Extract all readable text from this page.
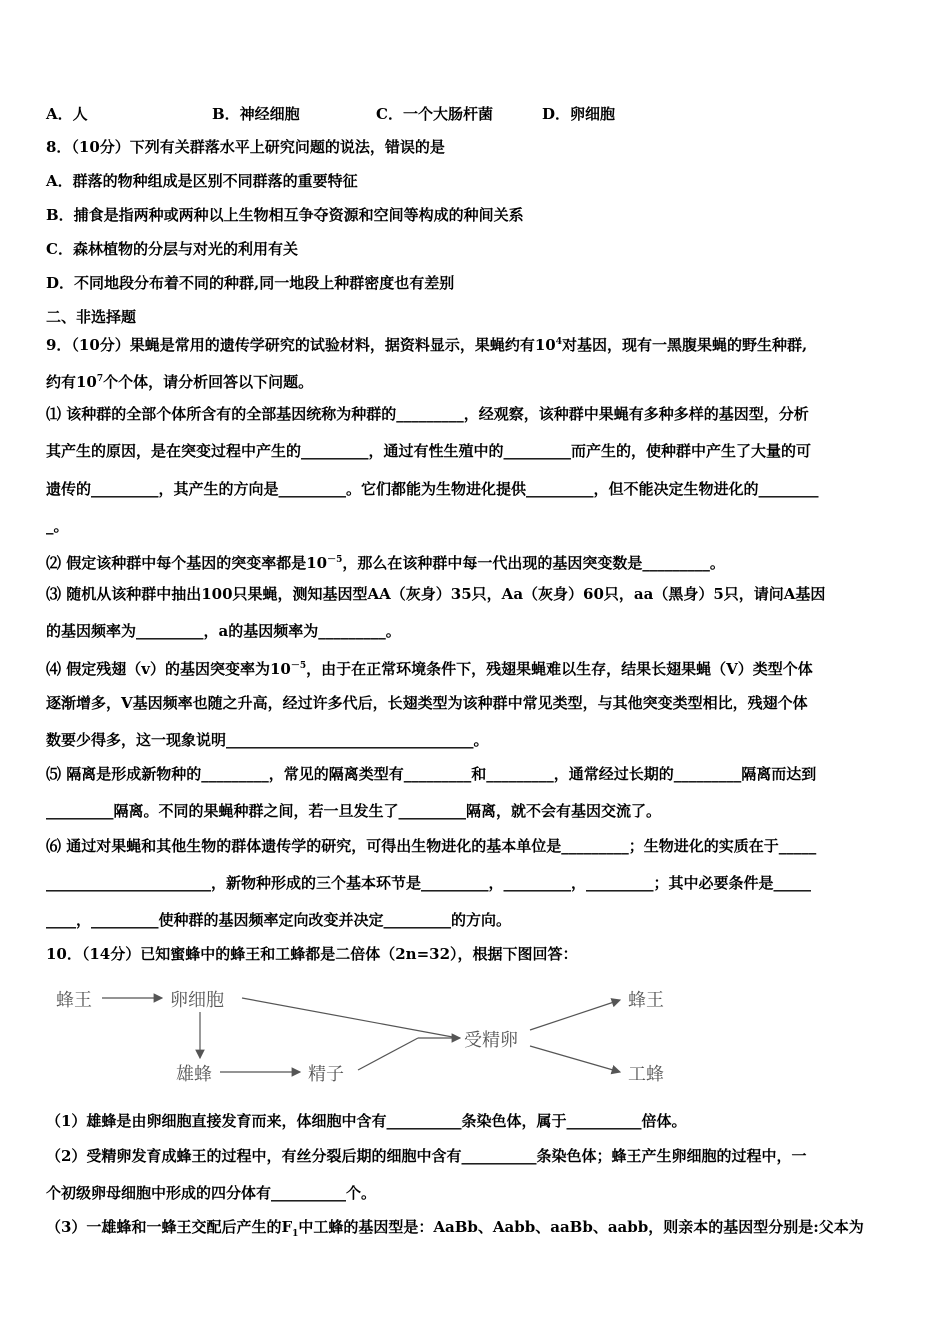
A．人	B．神经细胞	C．一个大肠杆菌	D．卵细胞
8．（10分）下列有关群落水平上研究问题的说法，错误的是
A．群落的物种组成是区别不同群落的重要特征
B．捕食是指两种或两种以上生物相互争夺资源和空间等构成的种间关系
C．森林植物的分层与对光的利用有关
D．不同地段分布着不同的种群,同一地段上种群密度也有差别
二、非选择题
9．（10分）果蝇是常用的遗传学研究的试验材料，据资料显示，果蝇约有$10^4$对基因，现有一黑腹果蝇的野生种群,
约有$10^7$个个体，请分析回答以下问题。
⑴ 该种群的全部个体所含有的全部基因统称为种群的_________，经观察，该种群中果蝇有多种多样的基因型，分析
其产生的原因，是在突变过程中产生的_________，通过有性生殖中的_________而产生的，使种群中产生了大量的可
遗传的_________，其产生的方向是_________。它们都能为生物进化提供_________，但不能决定生物进化的________
_。
⑵ 假定该种群中每个基因的突变率都是$10^{-5}$，那么在该种群中每一代出现的基因突变数是_________。
⑶ 随机从该种群中抽出100只果蝇，测知基因型AA（灰身）35只，Aa（灰身）60只，aa（黑身）5只，请问A基因
的基因频率为_________，a的基因频率为_________。
⑷ 假定残翅（v）的基因突变率为$10^{-5}$，由于在正常环境条件下，残翅果蝇难以生存，结果长翅果蝇（V）类型个体
逐渐增多，V基因频率也随之升高，经过许多代后，长翅类型为该种群中常见类型，与其他突变类型相比，残翅个体
数要少得多，这一现象说明_________________________________。
⑸ 隔离是形成新物种的_________，常见的隔离类型有_________和_________，通常经过长期的_________隔离而达到
_________隔离。不同的果蝇种群之间，若一旦发生了_________隔离，就不会有基因交流了。
⑹ 通过对果蝇和其他生物的群体遗传学的研究，可得出生物进化的基本单位是_________；生物进化的实质在于_____
______________________，新物种形成的三个基本环节是_________，_________，_________；其中必要条件是_____
____，_________使种群的基因频率定向改变并决定_________的方向。
10．（14分）已知蜜蜂中的蜂王和工蜂都是二倍体（2n=32），根据下图回答：
蜂王	卵细胞
雄蜂	精子
受精卵
蜂王
工蜂
（1）雄蜂是由卵细胞直接发育而来，体细胞中含有__________条染色体，属于__________倍体。
（2）受精卵发育成蜂王的过程中，有丝分裂后期的细胞中含有__________条染色体；蜂王产生卵细胞的过程中，一
个初级卵母细胞中形成的四分体有__________个。
（3）一雄蜂和一蜂王交配后产生的$F_1$中工蜂的基因型是：AaBb、Aabb、aaBb、aabb，则亲本的基因型分别是:父本为
